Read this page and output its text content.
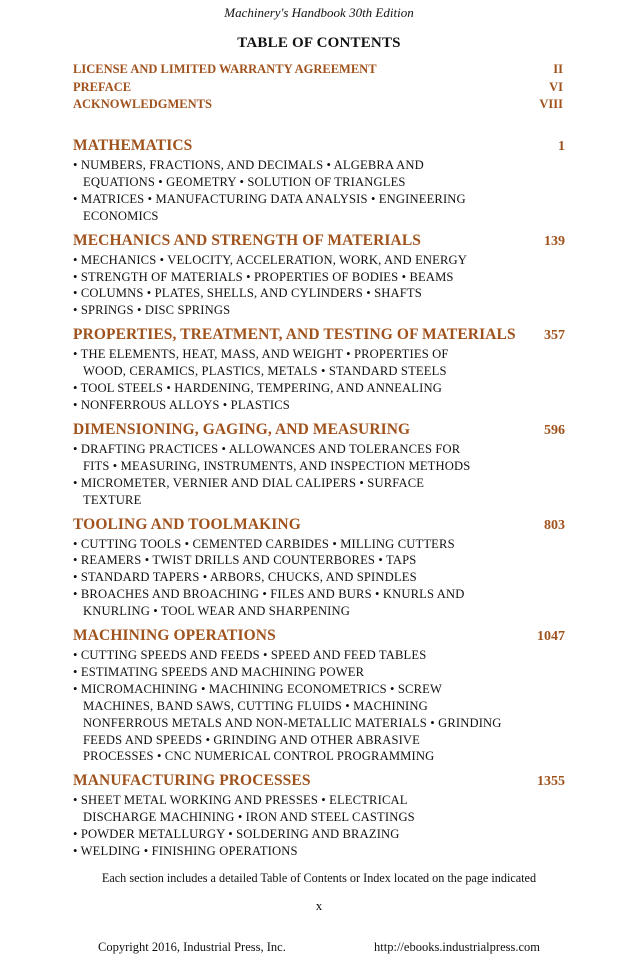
Machinery's Handbook 30th Edition
TABLE OF CONTENTS
LICENSE AND LIMITED WARRANTY AGREEMENT	II
PREFACE	VI
ACKNOWLEDGMENTS	VIII
MATHEMATICS	1
• NUMBERS, FRACTIONS, AND DECIMALS • ALGEBRA AND
EQUATIONS • GEOMETRY • SOLUTION OF TRIANGLES
• MATRICES • MANUFACTURING DATA ANALYSIS • ENGINEERING
ECONOMICS
MECHANICS AND STRENGTH OF MATERIALS	139
• MECHANICS • VELOCITY, ACCELERATION, WORK, AND ENERGY
• STRENGTH OF MATERIALS • PROPERTIES OF BODIES • BEAMS
• COLUMNS • PLATES, SHELLS, AND CYLINDERS • SHAFTS
• SPRINGS • DISC SPRINGS
PROPERTIES, TREATMENT, AND TESTING OF MATERIALS 357
• THE ELEMENTS, HEAT, MASS, AND WEIGHT • PROPERTIES OF
WOOD, CERAMICS, PLASTICS, METALS • STANDARD STEELS
• TOOL STEELS • HARDENING, TEMPERING, AND ANNEALING
• NONFERROUS ALLOYS • PLASTICS
DIMENSIONING, GAGING, AND MEASURING	596
• DRAFTING PRACTICES • ALLOWANCES AND TOLERANCES FOR
FITS • MEASURING, INSTRUMENTS, AND INSPECTION METHODS
• MICROMETER, VERNIER AND DIAL CALIPERS • SURFACE
TEXTURE
TOOLING AND TOOLMAKING	803
• CUTTING TOOLS • CEMENTED CARBIDES • MILLING CUTTERS
• REAMERS • TWIST DRILLS AND COUNTERBORES • TAPS
• STANDARD TAPERS • ARBORS, CHUCKS, AND SPINDLES
• BROACHES AND BROACHING • FILES AND BURS • KNURLS AND
KNURLING • TOOL WEAR AND SHARPENING
MACHINING OPERATIONS	1047
• CUTTING SPEEDS AND FEEDS • SPEED AND FEED TABLES
• ESTIMATING SPEEDS AND MACHINING POWER
• MICROMACHINING • MACHINING ECONOMETRICS • SCREW
MACHINES, BAND SAWS, CUTTING FLUIDS • MACHINING
NONFERROUS METALS AND NON-METALLIC MATERIALS • GRINDING
FEEDS AND SPEEDS • GRINDING AND OTHER ABRASIVE
PROCESSES • CNC NUMERICAL CONTROL PROGRAMMING
MANUFACTURING PROCESSES	1355
• SHEET METAL WORKING AND PRESSES • ELECTRICAL
DISCHARGE MACHINING • IRON AND STEEL CASTINGS
• POWDER METALLURGY • SOLDERING AND BRAZING
• WELDING • FINISHING OPERATIONS
Each section includes a detailed Table of Contents or Index located on the page indicated
x
Copyright 2016, Industrial Press, Inc.	http://ebooks.industrialpress.com
